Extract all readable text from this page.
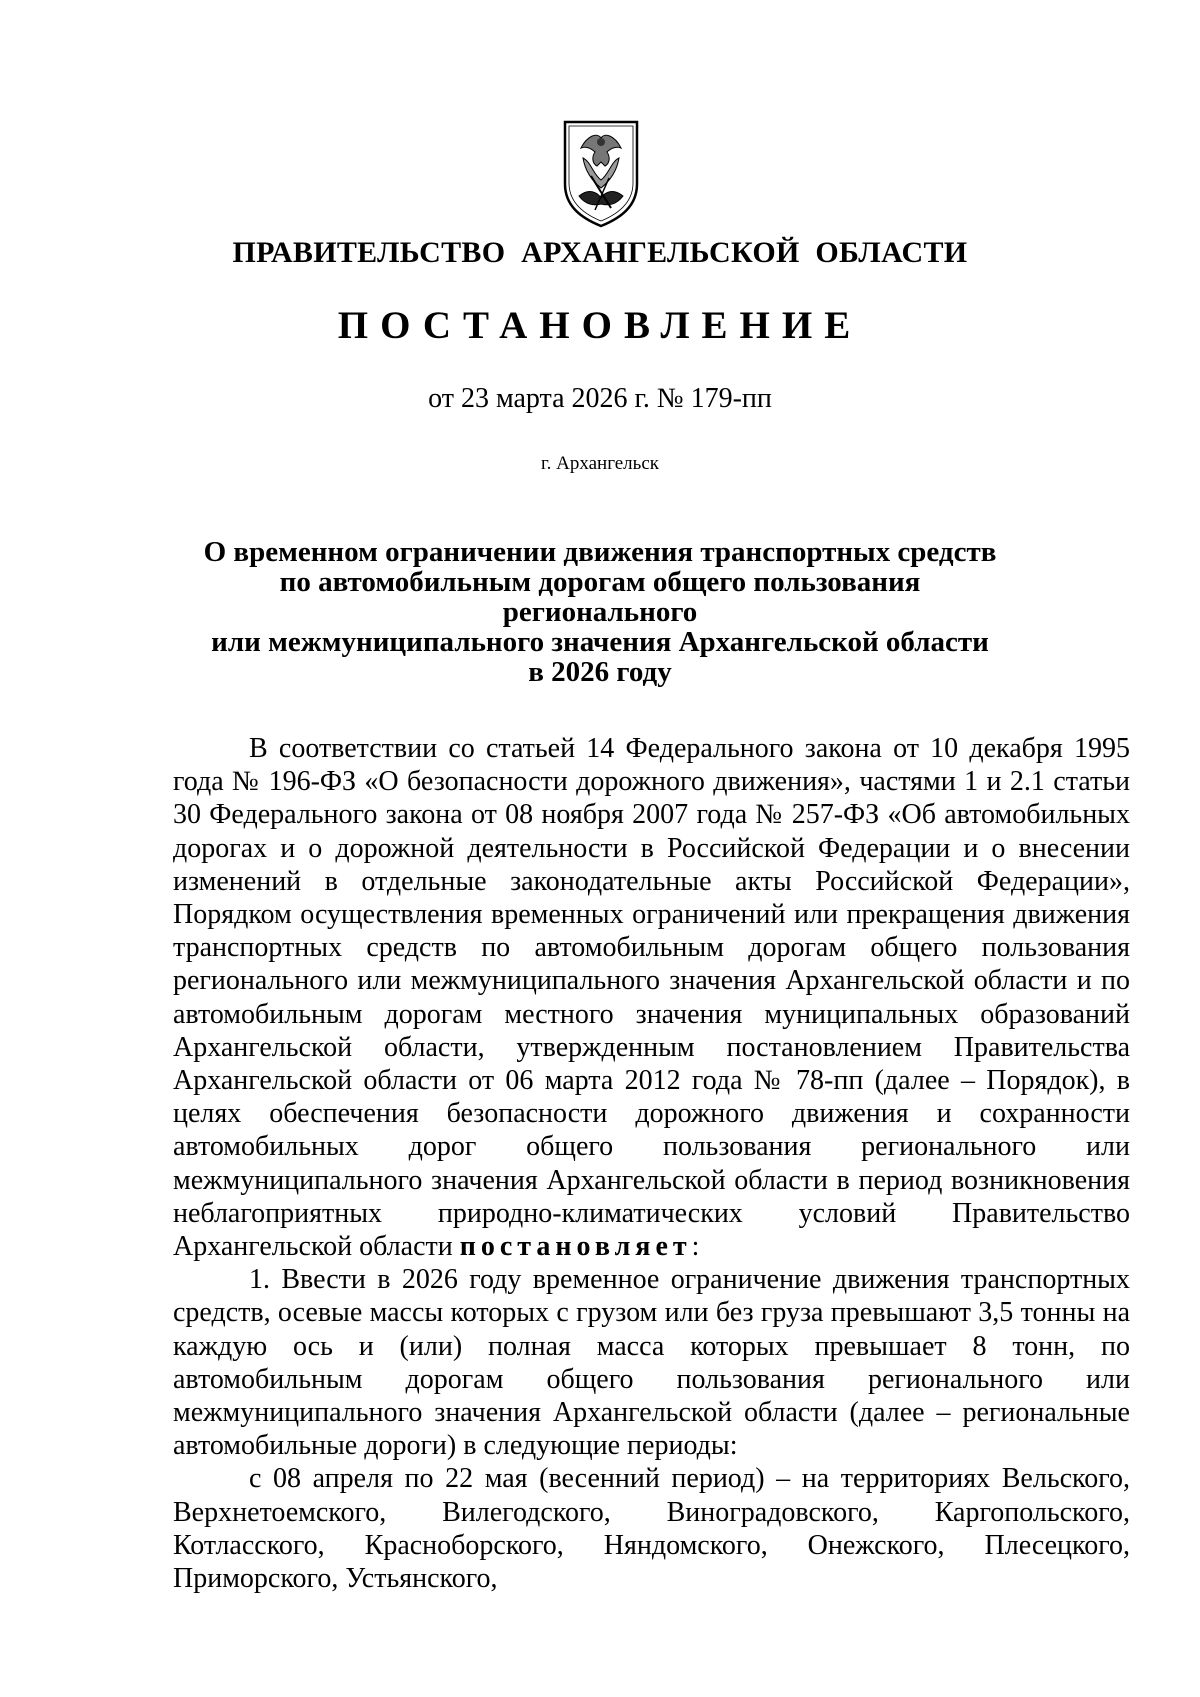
ПРАВИТЕЛЬСТВО АРХАНГЕЛЬСКОЙ ОБЛАСТИ
ПОСТАНОВЛЕНИЕ

от 23 марта 2026 г. № 179-пп

г. Архангельск

О временном ограничении движения транспортных средств
по автомобильным дорогам общего пользования регионального
или межмуниципального значения Архангельской области
в 2026 году

В соответствии со статьей 14 Федерального закона от 10 декабря 1995 года № 196-ФЗ «О безопасности дорожного движения», частями 1 и 2.1 статьи 30 Федерального закона от 08 ноября 2007 года № 257-ФЗ «Об автомобильных дорогах и о дорожной деятельности в Российской Федерации и о внесении изменений в отдельные законодательные акты Российской Федерации», Порядком осуществления временных ограничений или прекращения движения транспортных средств по автомобильным дорогам общего пользования регионального или межмуниципального значения Архангельской области и по автомобильным дорогам местного значения муниципальных образований Архангельской области, утвержденным постановлением Правительства Архангельской области от 06 марта 2012 года № 78-пп (далее – Порядок), в целях обеспечения безопасности дорожного движения и сохранности автомобильных дорог общего пользования регионального или межмуниципального значения Архангельской области в период возникновения неблагоприятных природно-климатических условий Правительство Архангельской области постановляет:

1. Ввести в 2026 году временное ограничение движения транспортных средств, осевые массы которых с грузом или без груза превышают 3,5 тонны на каждую ось и (или) полная масса которых превышает 8 тонн, по автомобильным дорогам общего пользования регионального или межмуниципального значения Архангельской области (далее – региональные автомобильные дороги) в следующие периоды:

с 08 апреля по 22 мая (весенний период) – на территориях Вельского, Верхнетоемского, Вилегодского, Виноградовского, Каргопольского, Котласского, Красноборского, Няндомского, Онежского, Плесецкого, Приморского, Устьянского,
